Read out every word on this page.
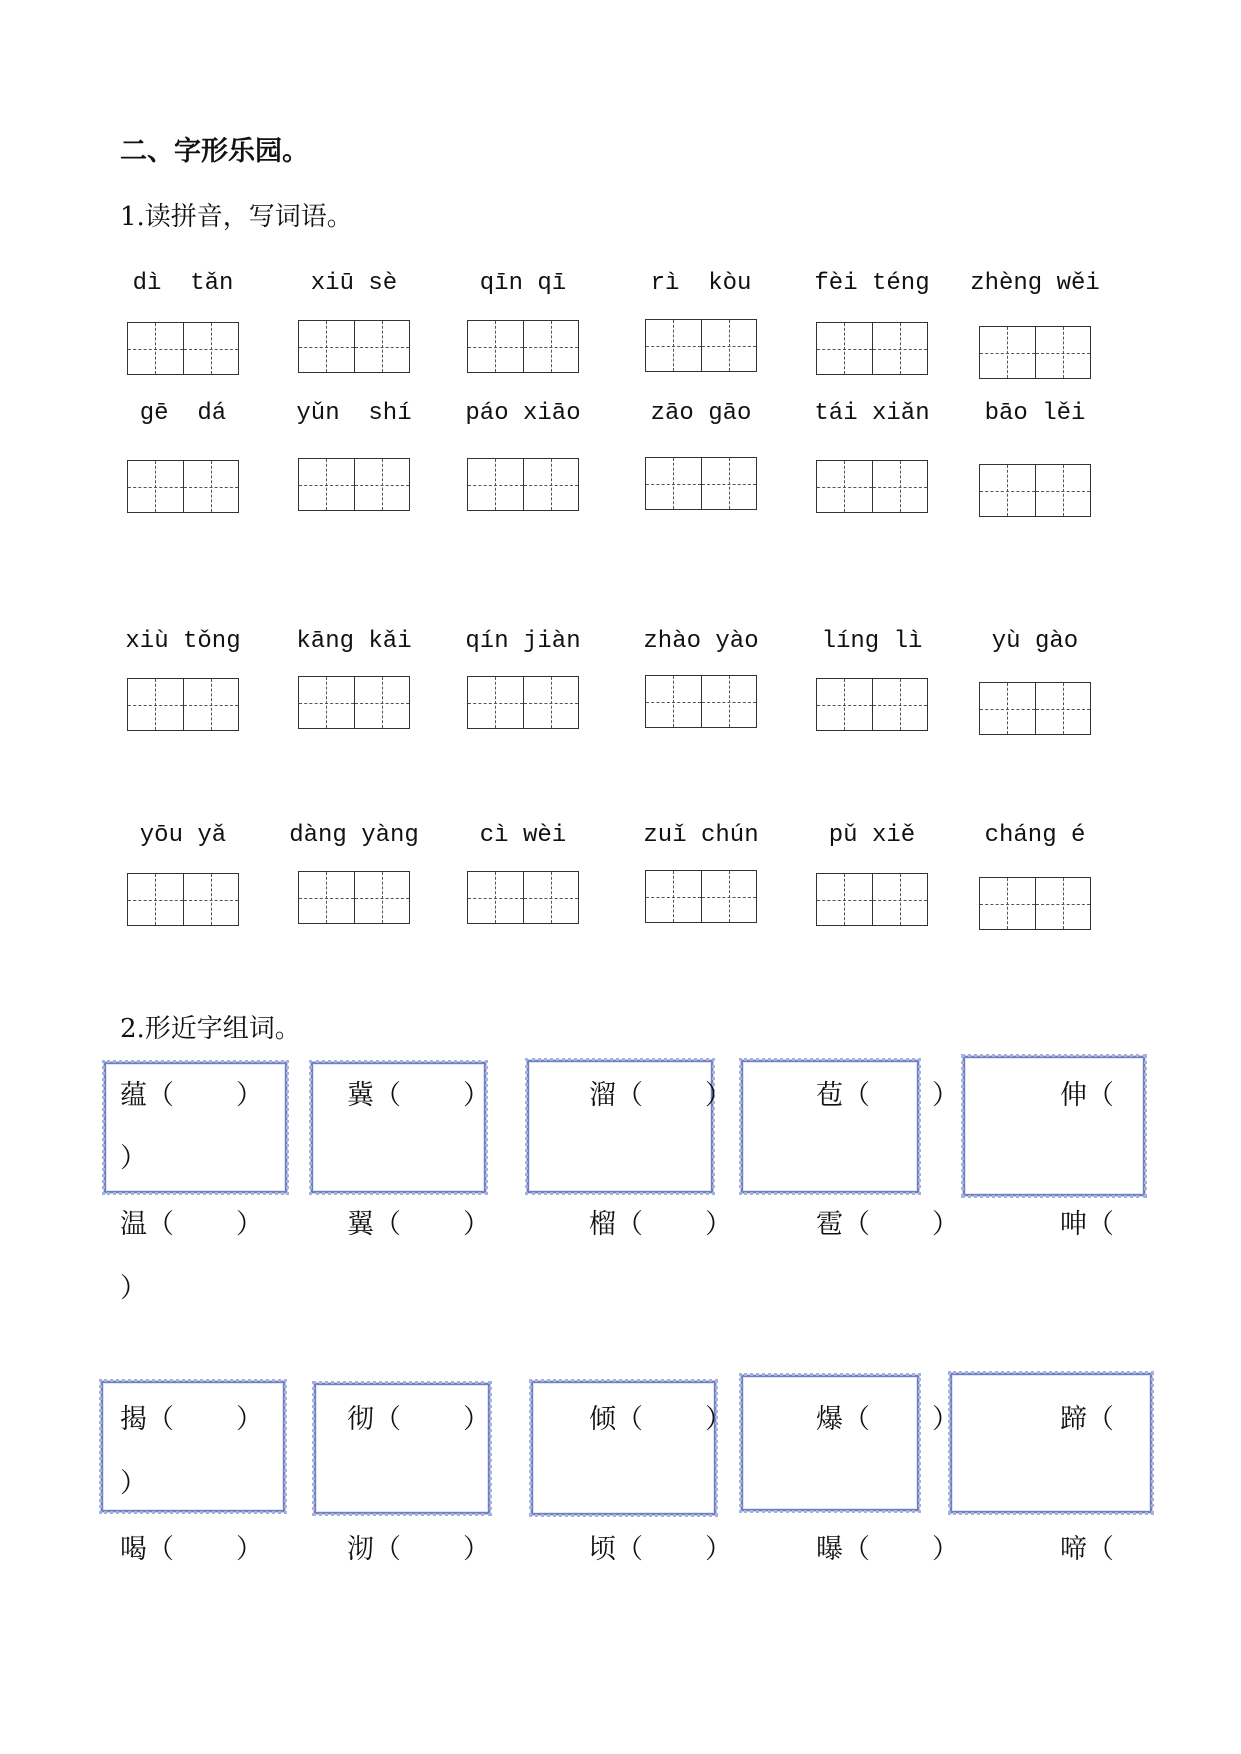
二、字形乐园。
1.读拼音，写词语。
dì  tǎn	xiū sè	qīn qī	rì  kòu	fèi téng	zhèng wěi
gē  dá	yǔn  shí	páo xiāo	zāo gāo	tái xiǎn	bāo lěi
xiù tǒng	kāng kǎi	qín jiàn	zhào yào	líng lì	yù gào
yōu yǎ	dàng yàng	cì wèi	zuǐ chún	pǔ xiě	cháng é
2.形近字组词。
蕴 （ ）	冀 （ ）	溜 （ ）	苞 （ ）	伸 （
）
温 （ ）	翼 （ ）	榴 （ ）	雹 （ ）	呻 （
）
揭 （ ）	彻 （ ）	倾 （ ）	爆 （ ）	蹄 （
）
喝 （ ）	沏 （ ）	顷 （ ）	曝 （ ）	啼 （
